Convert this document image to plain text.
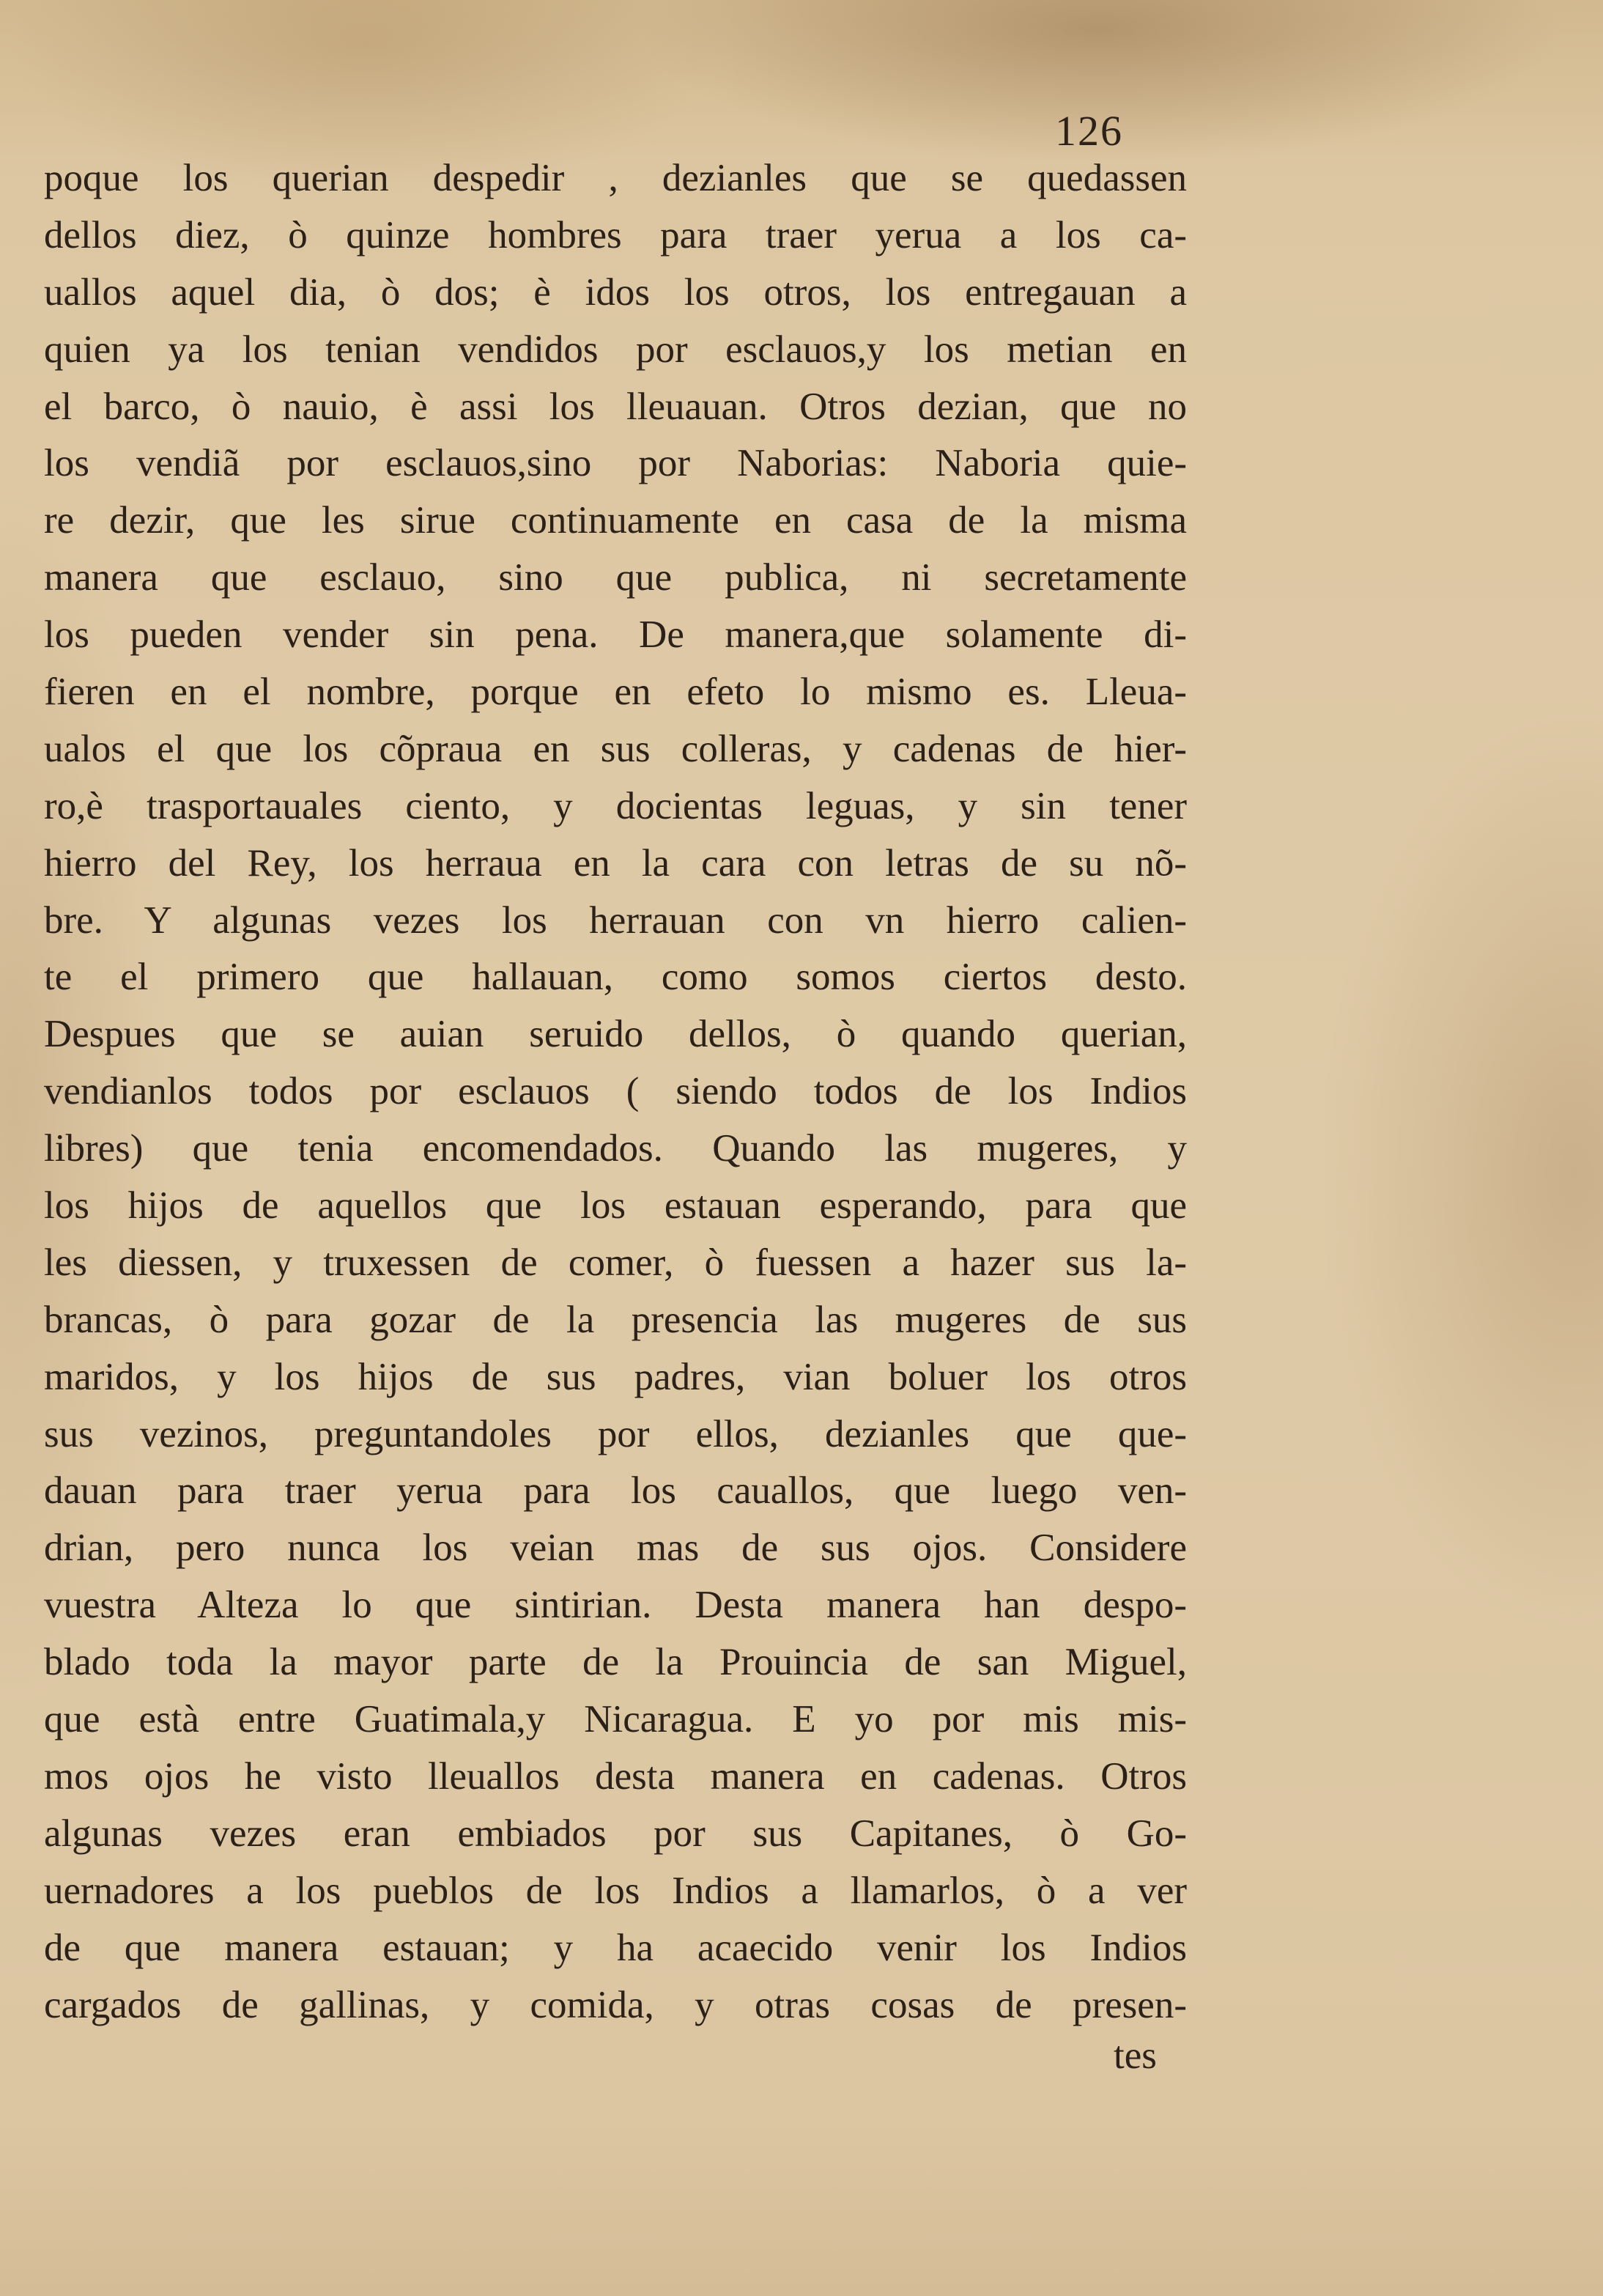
126
poque los querian despedir , dezianles que se quedassen
dellos diez, ò quinze hombres para traer yerua a los ca-
uallos aquel dia, ò dos; è idos los otros, los entregauan a
quien ya los tenian vendidos por esclauos,y los metian en
el barco, ò nauio, è assi los lleuauan. Otros dezian, que no
los vendiã por esclauos,sino por Naborias: Naboria quie-
re dezir, que les sirue continuamente en casa de la misma
manera que esclauo, sino que publica, ni secretamente
los pueden vender sin pena. De manera,que solamente di-
fieren en el nombre, porque en efeto lo mismo es. Lleua-
ualos el que los cõpraua en sus colleras, y cadenas de hier-
ro,è trasportauales ciento, y docientas leguas, y sin tener
hierro del Rey, los herraua en la cara con letras de su nõ-
bre. Y algunas vezes los herrauan con vn hierro calien-
te el primero que hallauan, como somos ciertos desto.
Despues que se auian seruido dellos, ò quando querian,
vendianlos todos por esclauos ( siendo todos de los Indios
libres) que tenia encomendados. Quando las mugeres, y
los hijos de aquellos que los estauan esperando, para que
les diessen, y truxessen de comer, ò fuessen a hazer sus la-
brancas, ò para gozar de la presencia las mugeres de sus
maridos, y los hijos de sus padres, vian boluer los otros
sus vezinos, preguntandoles por ellos, dezianles que que-
dauan para traer yerua para los cauallos, que luego ven-
drian, pero nunca los veian mas de sus ojos. Considere
vuestra Alteza lo que sintirian. Desta manera han despo-
blado toda la mayor parte de la Prouincia de san Miguel,
que està entre Guatimala,y Nicaragua. E yo por mis mis-
mos ojos he visto lleuallos desta manera en cadenas. Otros
algunas vezes eran embiados por sus Capitanes, ò Go-
uernadores a los pueblos de los Indios a llamarlos, ò a ver
de que manera estauan; y ha acaecido venir los Indios
cargados de gallinas, y comida, y otras cosas de presen-
tes
